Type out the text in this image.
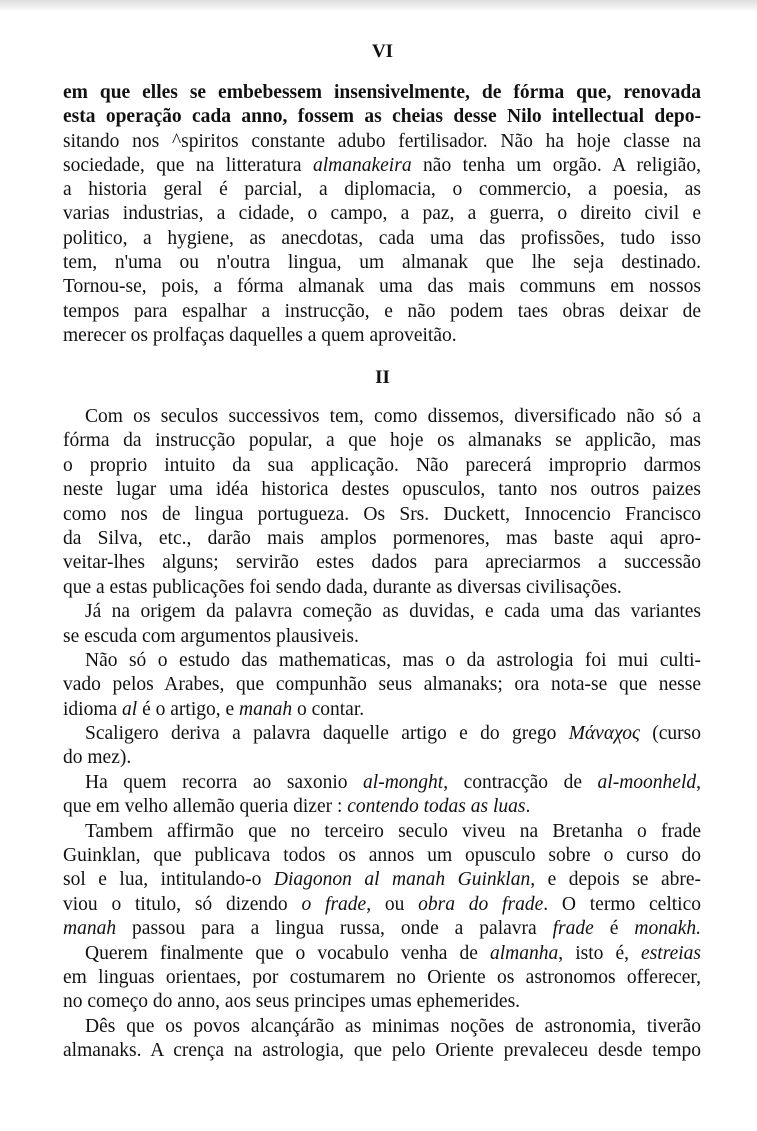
VI
em que elles se embebessem insensivelmente, de fórma que, renovada
esta operação cada anno, fossem as cheias desse Nilo intellectual depo-
sitando nos ^spiritos constante adubo fertilisador. Não ha hoje classe na
sociedade, que na litteratura almanakeira não tenha um orgão. A religião,
a historia geral é parcial, a diplomacia, o commercio, a poesia, as
varias industrias, a cidade, o campo, a paz, a guerra, o direito civil e
politico, a hygiene, as anecdotas, cada uma das profissões, tudo isso
tem, n'uma ou n'outra lingua, um almanak que lhe seja destinado.
Tornou-se, pois, a fórma almanak uma das mais communs em nossos
tempos para espalhar a instrucção, e não podem taes obras deixar de
merecer os prolfaças daquelles a quem aproveitão.
II
Com os seculos successivos tem, como dissemos, diversificado não só a
fórma da instrucção popular, a que hoje os almanaks se applicão, mas
o proprio intuito da sua applicação. Não parecerá improprio darmos
neste lugar uma idéa historica destes opusculos, tanto nos outros paizes
como nos de lingua portugueza. Os Srs. Duckett, Innocencio Francisco
da Silva, etc., darão mais amplos pormenores, mas baste aqui apro-
veitar-lhes alguns; servirão estes dados para apreciarmos a successão
que a estas publicações foi sendo dada, durante as diversas civilisações.
Já na origem da palavra começão as duvidas, e cada uma das variantes
se escuda com argumentos plausiveis.
Não só o estudo das mathematicas, mas o da astrologia foi mui culti-
vado pelos Arabes, que compunhão seus almanaks; ora nota-se que nesse
idioma al é o artigo, e manah o contar.
Scaligero deriva a palavra daquelle artigo e do grego Μάναχος (curso
do mez).
Ha quem recorra ao saxonio al-monght, contracção de al-moonheld,
que em velho allemão queria dizer : contendo todas as luas.
Tambem affirmão que no terceiro seculo viveu na Bretanha o frade
Guinklan, que publicava todos os annos um opusculo sobre o curso do
sol e lua, intitulando-o Diagonon al manah Guinklan, e depois se abre-
viou o titulo, só dizendo o frade, ou obra do frade. O termo celtico
manah passou para a lingua russa, onde a palavra frade é monakh.
Querem finalmente que o vocabulo venha de almanha, isto é, estreias
em linguas orientaes, por costumarem no Oriente os astronomos offerecer,
no começo do anno, aos seus principes umas ephemerides.
Dês que os povos alcançárão as minimas noções de astronomia, tiverão
almanaks. A crença na astrologia, que pelo Oriente prevaleceu desde tempo
